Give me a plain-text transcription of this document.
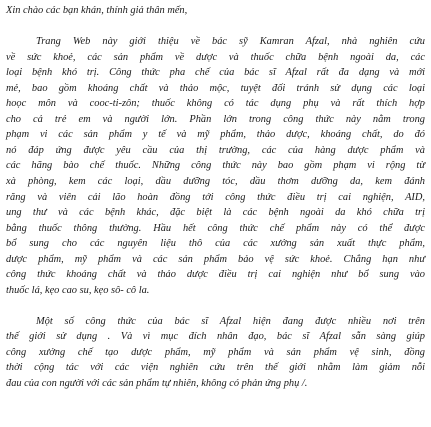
Xin chào các bạn khán, thính giả thân mến,
Trang Web này giới thiệu về bác sỹ Kamran Afzal, nhà nghiên cứu
về sức khoẻ, các sản phẩm về dược và thuốc chữa bệnh ngoài da, các
loại bệnh khó trị. Công thức pha chế của bác sĩ Afzal rất đa dạng và mới
mẻ, bao gồm khoáng chất và thảo mộc, tuyệt đối tránh sử dụng các loại
hoọc môn và cooc-ti-zôn; thuốc không có tác dụng phụ và rất thích hợp
cho cả trẻ em và người lớn. Phần lớn trong công thức này nằm trong
phạm vi các sản phẩm y tế và mỹ phẩm, thảo dược, khoáng chất, do đó
nó đáp ứng được yêu cầu của thị trường, các của hàng dược phẩm và
các hãng bào chế thuốc. Những công thức này bao gồm phạm vi rộng từ
xà phòng, kem các loại, dầu dưỡng tóc, dầu thơm dưỡng da, kem đánh
răng và viên cải lão hoàn đồng tới công thức điều trị cai nghiện, AID,
ung thư và các bệnh khác, đặc biệt là các bệnh ngoài da khó chữa trị
bằng thuốc thông thường. Hầu hết công thức chế phẩm này có thể được
bổ sung cho các nguyên liệu thô của các xưởng sản xuất thực phẩm,
dược phẩm, mỹ phẩm và các sản phẩm bảo vệ sức khoẻ. Chẳng hạn như
công thức khoáng chất và thảo dược điều trị cai nghiện như bổ sung vào
thuốc lá, kẹo cao su, kẹo sô- cô la.
Một số công thức của bác sĩ Afzal hiện đang được nhiều nơi trên
thế giới sử dụng . Và vì mục đích nhân đạo, bác sĩ Afzal sẵn sàng giúp
công xưởng chế tạo dược phẩm, mỹ phẩm và sản phẩm vệ sinh, đồng
thời cộng tác với các viện nghiên cứu trên thế giới nhằm làm giảm nỗi
đau của con người với các sản phẩm tự nhiên, không có phản ứng phụ /.
